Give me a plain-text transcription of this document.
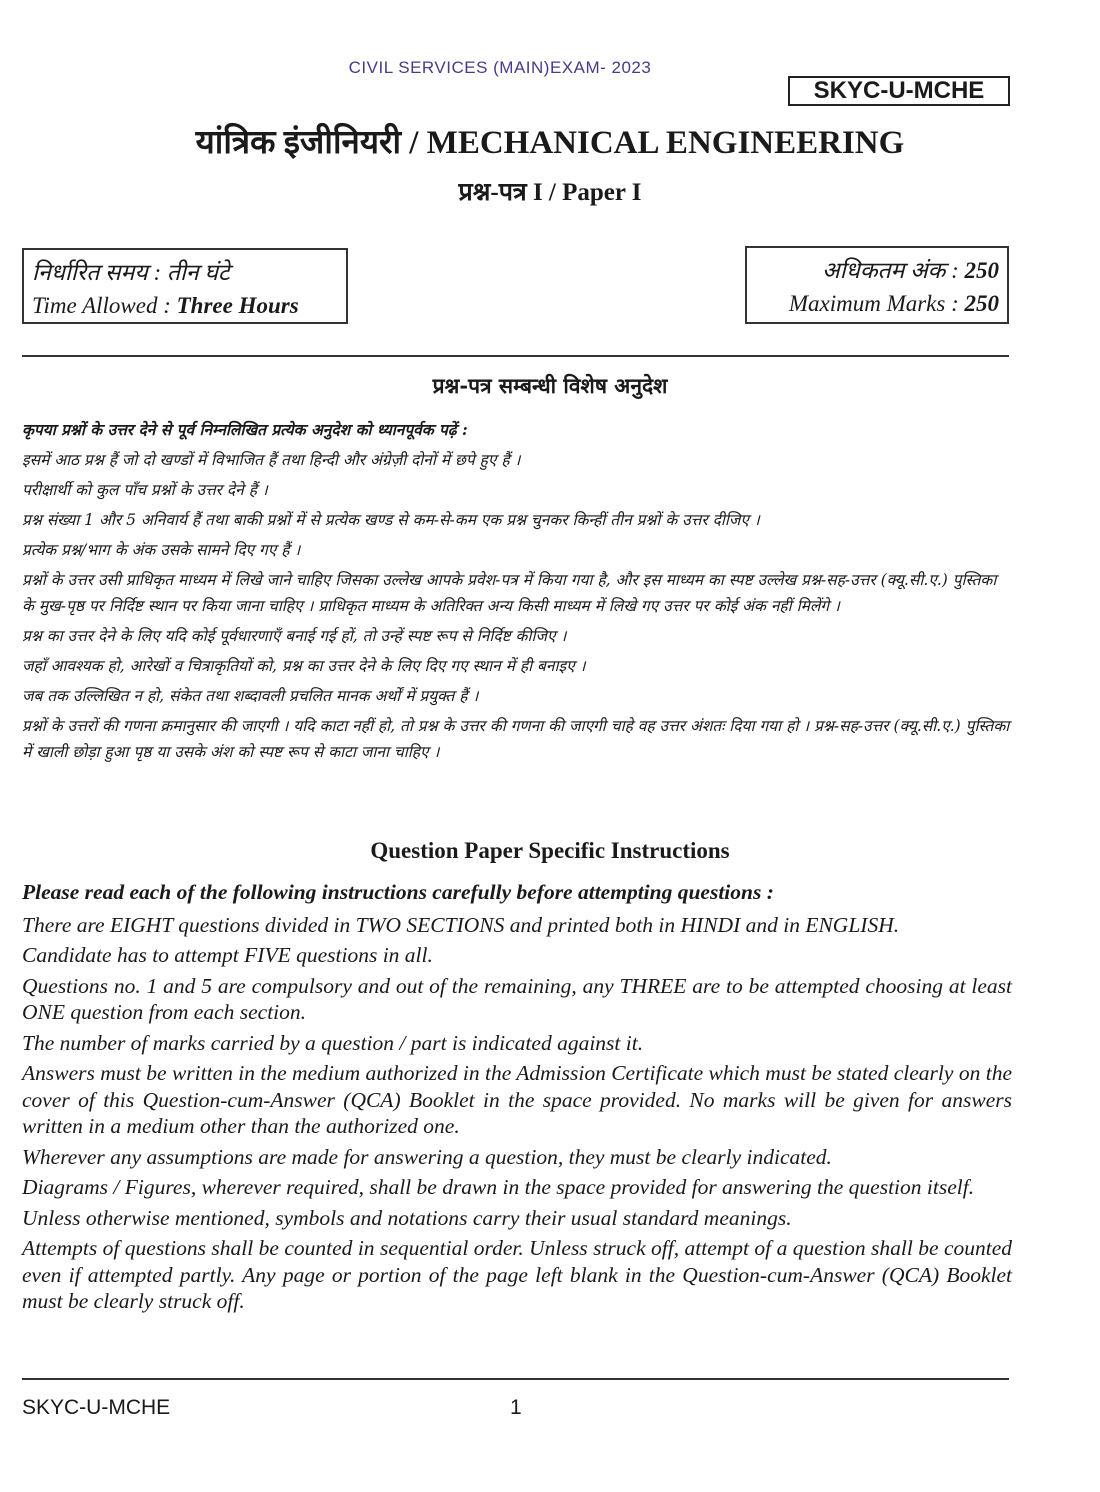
CIVIL SERVICES (MAIN)EXAM- 2023
SKYC-U-MCHE
यांत्रिक इंजीनियरी / MECHANICAL ENGINEERING
प्रश्न-पत्र I / Paper I
निर्धारित समय : तीन घंटे
Time Allowed : Three Hours
अधिकतम अंक : 250
Maximum Marks : 250
प्रश्न-पत्र सम्बन्धी विशेष अनुदेश

कृपया प्रश्नों के उत्तर देने से पूर्व निम्नलिखित प्रत्येक अनुदेश को ध्यानपूर्वक पढ़ें :

इसमें आठ प्रश्न हैं जो दो खण्डों में विभाजित हैं तथा हिन्दी और अंग्रेज़ी दोनों में छपे हुए हैं ।

परीक्षार्थी को कुल पाँच प्रश्नों के उत्तर देने हैं ।

प्रश्न संख्या 1 और 5 अनिवार्य हैं तथा बाकी प्रश्नों में से प्रत्येक खण्ड से कम-से-कम एक प्रश्न चुनकर किन्हीं तीन प्रश्नों के उत्तर दीजिए ।

प्रत्येक प्रश्न/भाग के अंक उसके सामने दिए गए हैं ।

प्रश्नों के उत्तर उसी प्राधिकृत माध्यम में लिखे जाने चाहिए जिसका उल्लेख आपके प्रवेश-पत्र में किया गया है, और इस माध्यम का स्पष्ट उल्लेख प्रश्न-सह-उत्तर (क्यू.सी.ए.) पुस्तिका के मुख-पृष्ठ पर निर्दिष्ट स्थान पर किया जाना चाहिए । प्राधिकृत माध्यम के अतिरिक्त अन्य किसी माध्यम में लिखे गए उत्तर पर कोई अंक नहीं मिलेंगे ।

प्रश्न का उत्तर देने के लिए यदि कोई पूर्वधारणाएँ बनाई गई हों, तो उन्हें स्पष्ट रूप से निर्दिष्ट कीजिए ।

जहाँ आवश्यक हो, आरेखों व चित्राकृतियों को, प्रश्न का उत्तर देने के लिए दिए गए स्थान में ही बनाइए ।

जब तक उल्लिखित न हो, संकेत तथा शब्दावली प्रचलित मानक अर्थों में प्रयुक्त हैं ।

प्रश्नों के उत्तरों की गणना क्रमानुसार की जाएगी । यदि काटा नहीं हो, तो प्रश्न के उत्तर की गणना की जाएगी चाहे वह उत्तर अंशतः दिया गया हो । प्रश्न-सह-उत्तर (क्यू.सी.ए.) पुस्तिका में खाली छोड़ा हुआ पृष्ठ या उसके अंश को स्पष्ट रूप से काटा जाना चाहिए ।

Question Paper Specific Instructions

Please read each of the following instructions carefully before attempting questions :

There are EIGHT questions divided in TWO SECTIONS and printed both in HINDI and in ENGLISH.

Candidate has to attempt FIVE questions in all.

Questions no. 1 and 5 are compulsory and out of the remaining, any THREE are to be attempted choosing at least ONE question from each section.

The number of marks carried by a question / part is indicated against it.

Answers must be written in the medium authorized in the Admission Certificate which must be stated clearly on the cover of this Question-cum-Answer (QCA) Booklet in the space provided. No marks will be given for answers written in a medium other than the authorized one.

Wherever any assumptions are made for answering a question, they must be clearly indicated.

Diagrams / Figures, wherever required, shall be drawn in the space provided for answering the question itself.

Unless otherwise mentioned, symbols and notations carry their usual standard meanings.

Attempts of questions shall be counted in sequential order. Unless struck off, attempt of a question shall be counted even if attempted partly. Any page or portion of the page left blank in the Question-cum-Answer (QCA) Booklet must be clearly struck off.

SKYC-U-MCHE	1
